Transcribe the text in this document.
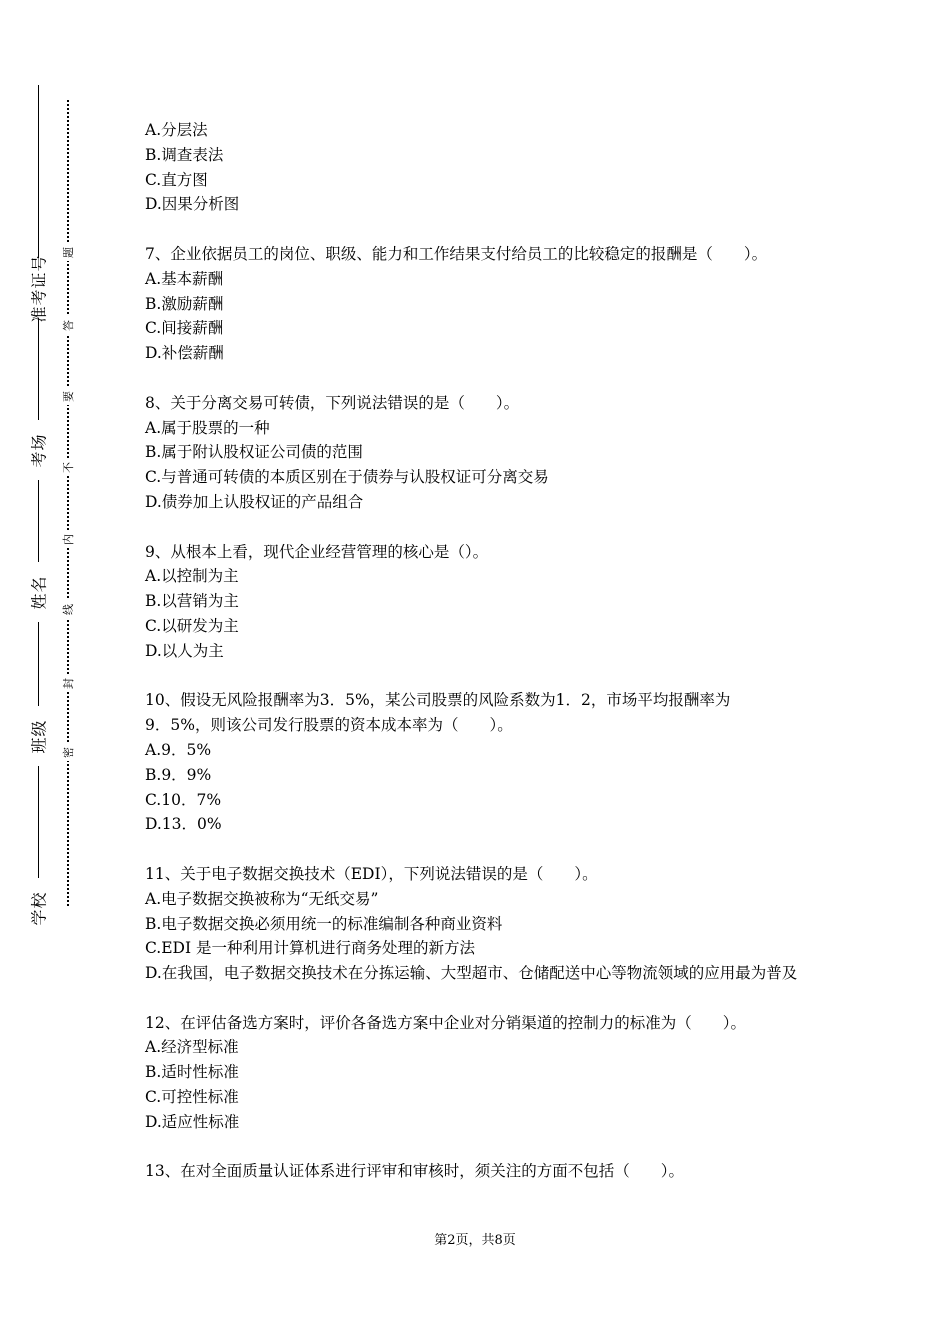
学校
班级
姓名
考场
准考证号
密
封
线
内
不
要
答
题
A.分层法
B.调查表法
C.直方图
D.因果分析图
7、企业依据员工的岗位、职级、能力和工作结果支付给员工的比较稳定的报酬是（　　）。
A.基本薪酬
B.激励薪酬
C.间接薪酬
D.补偿薪酬
8、关于分离交易可转债，下列说法错误的是（　　）。
A.属于股票的一种
B.属于附认股权证公司债的范围
C.与普通可转债的本质区别在于债券与认股权证可分离交易
D.债券加上认股权证的产品组合
9、从根本上看，现代企业经营管理的核心是（）。
A.以控制为主
B.以营销为主
C.以研发为主
D.以人为主
10、假设无风险报酬率为3．5%，某公司股票的风险系数为1．2，市场平均报酬率为
9．5%，则该公司发行股票的资本成本率为（　　）。
A.9．5%
B.9．9%
C.10．7%
D.13．0%
11、关于电子数据交换技术（EDI），下列说法错误的是（　　）。
A.电子数据交换被称为“无纸交易”
B.电子数据交换必须用统一的标准编制各种商业资料
C.EDI 是一种利用计算机进行商务处理的新方法
D.在我国，电子数据交换技术在分拣运输、大型超市、仓储配送中心等物流领域的应用最为普及
12、在评估备选方案时，评价各备选方案中企业对分销渠道的控制力的标准为（　　）。
A.经济型标准
B.适时性标准
C.可控性标准
D.适应性标准
13、在对全面质量认证体系进行评审和审核时，须关注的方面不包括（　　）。
第2页，共8页
